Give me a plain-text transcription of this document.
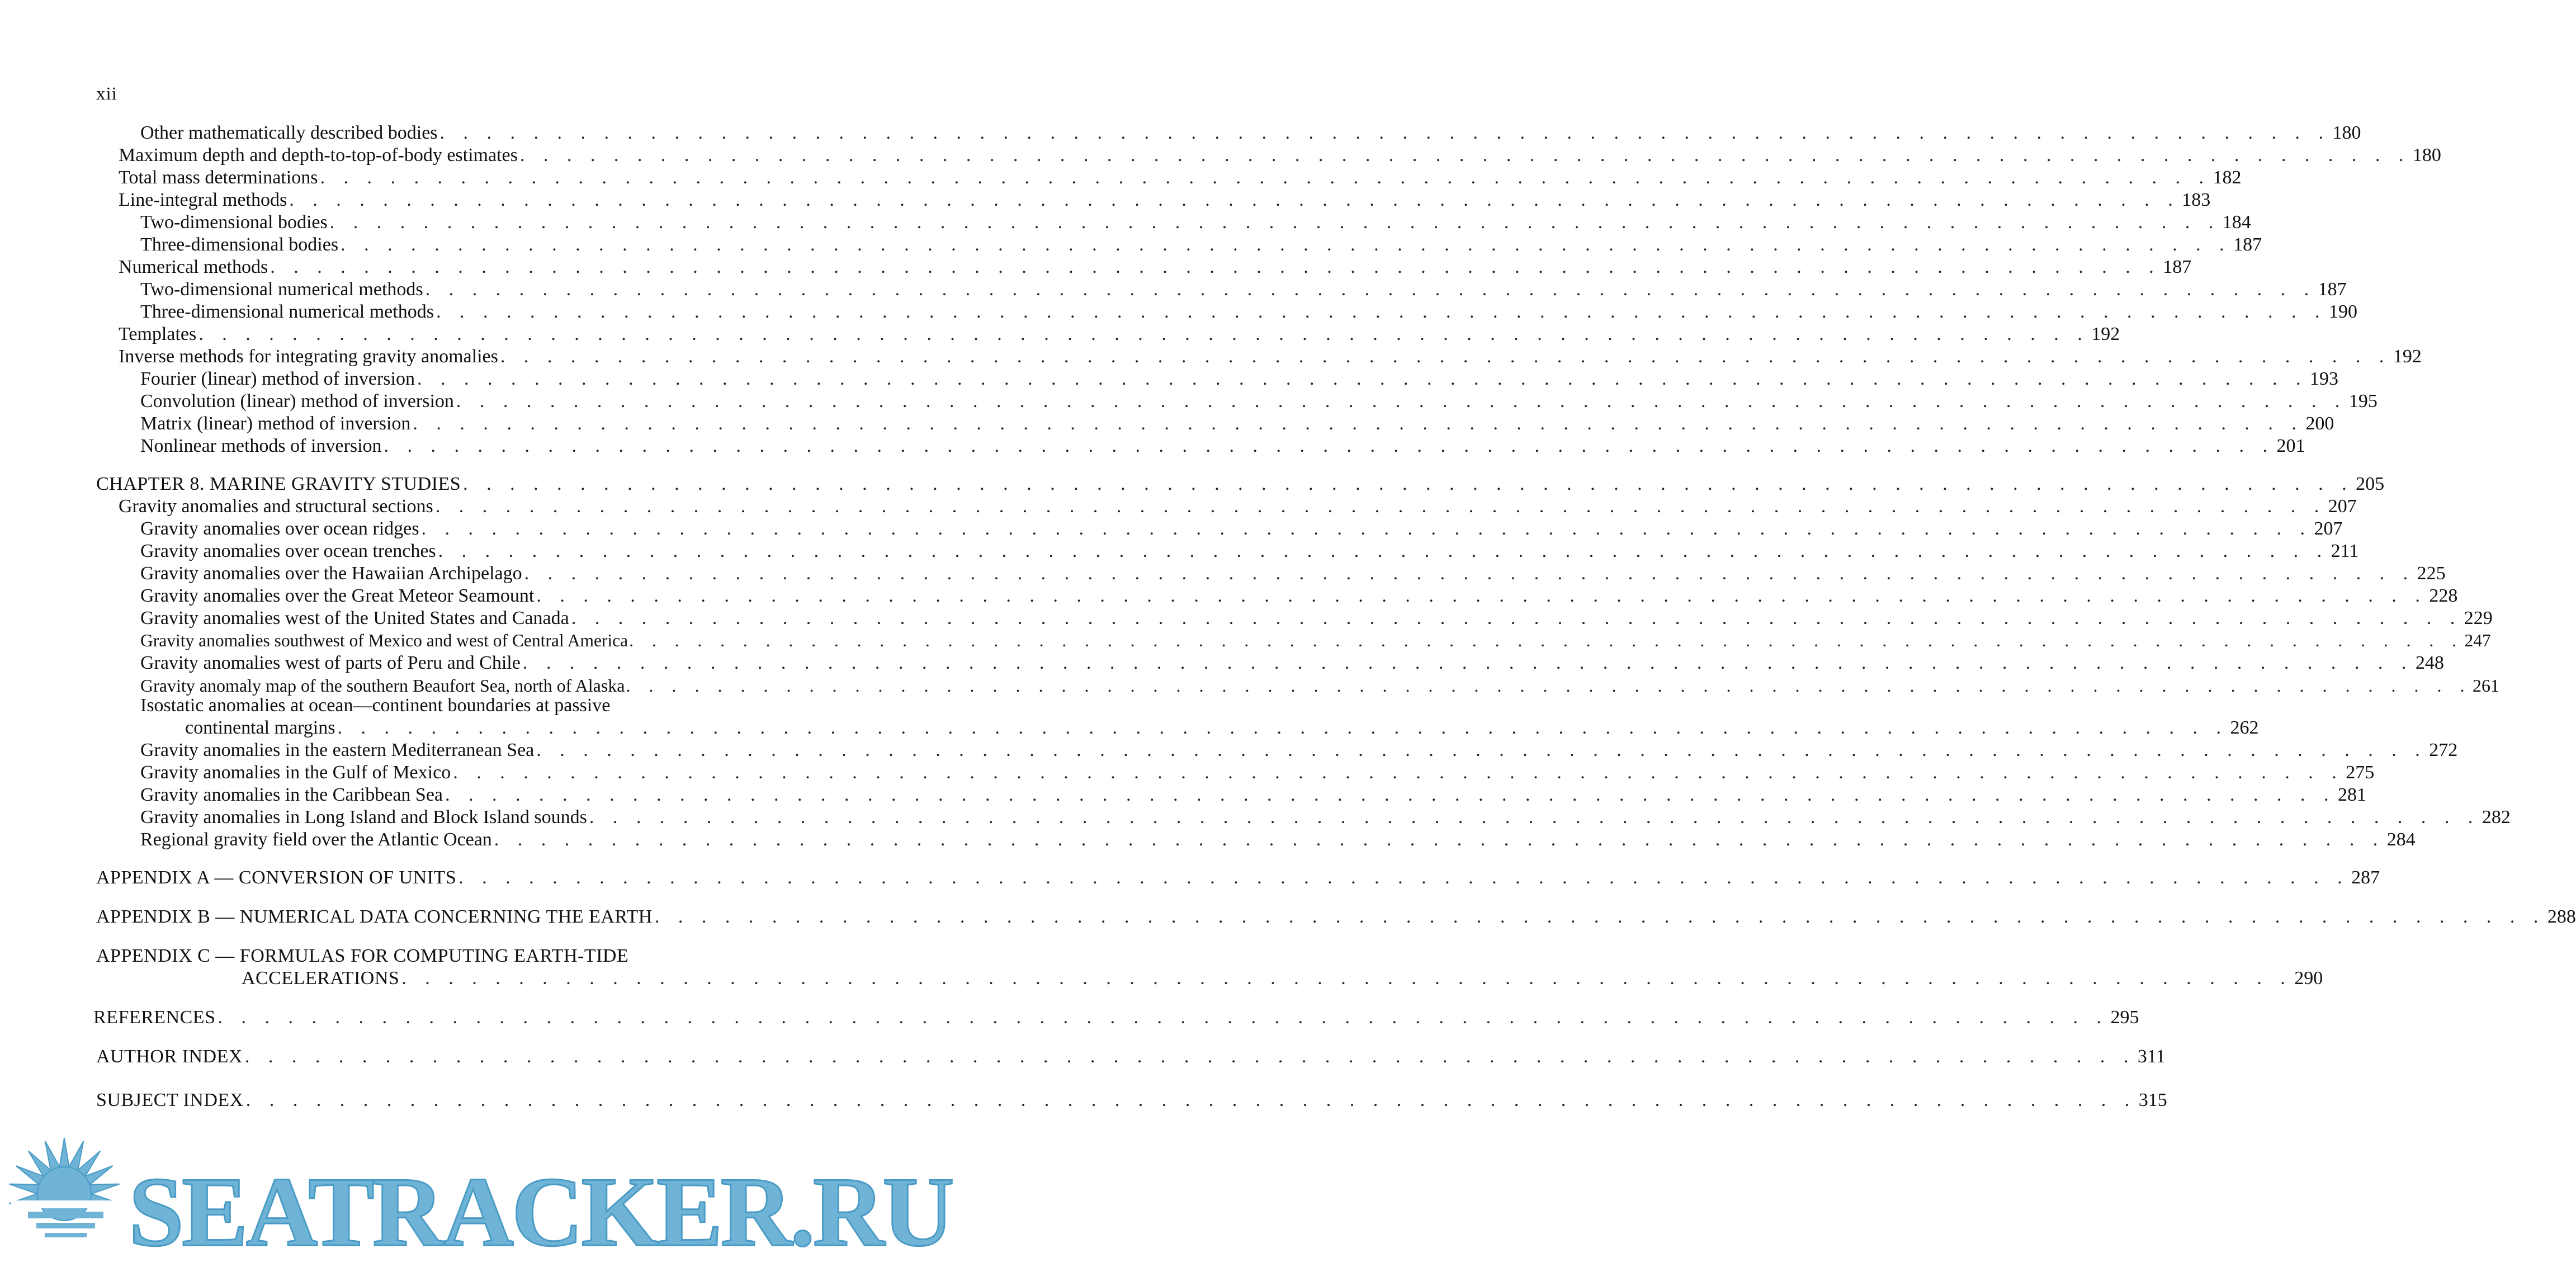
xii
Other mathematically described bodies . . .	180
Maximum depth and depth-to-top-of-body estimates . . .	180
Total mass determinations . . .	182
Line-integral methods . . .	183
Two-dimensional bodies . . .	184
Three-dimensional bodies . . .	187
Numerical methods . . .	187
Two-dimensional numerical methods . . .	187
Three-dimensional numerical methods . . .	190
Templates . . .	192
Inverse methods for integrating gravity anomalies . . .	192
Fourier (linear) method of inversion . . .	193
Convolution (linear) method of inversion . . .	195
Matrix (linear) method of inversion . . .	200
Nonlinear methods of inversion . . .	201
CHAPTER 8. MARINE GRAVITY STUDIES . . .	205
Gravity anomalies and structural sections . . .	207
Gravity anomalies over ocean ridges . . .	207
Gravity anomalies over ocean trenches . . .	211
Gravity anomalies over the Hawaiian Archipelago . . .	225
Gravity anomalies over the Great Meteor Seamount . . .	228
Gravity anomalies west of the United States and Canada . . .	229
Gravity anomalies southwest of Mexico and west of Central America . . .	247
Gravity anomalies west of parts of Peru and Chile . . .	248
Gravity anomaly map of the southern Beaufort Sea, north of Alaska . . .	261
Isostatic anomalies at ocean—continent boundaries at passive
continental margins . . .	262
Gravity anomalies in the eastern Mediterranean Sea . . .	272
Gravity anomalies in the Gulf of Mexico . . .	275
Gravity anomalies in the Caribbean Sea . . .	281
Gravity anomalies in Long Island and Block Island sounds . . .	282
Regional gravity field over the Atlantic Ocean . . .	284
APPENDIX A — CONVERSION OF UNITS . . .	287
APPENDIX B — NUMERICAL DATA CONCERNING THE EARTH . . .	288
APPENDIX C — FORMULAS FOR COMPUTING EARTH-TIDE
ACCELERATIONS . . .	290
REFERENCES . . .	295
AUTHOR INDEX . . .	311
SUBJECT INDEX . . .	315
SEATRACKER.RU
